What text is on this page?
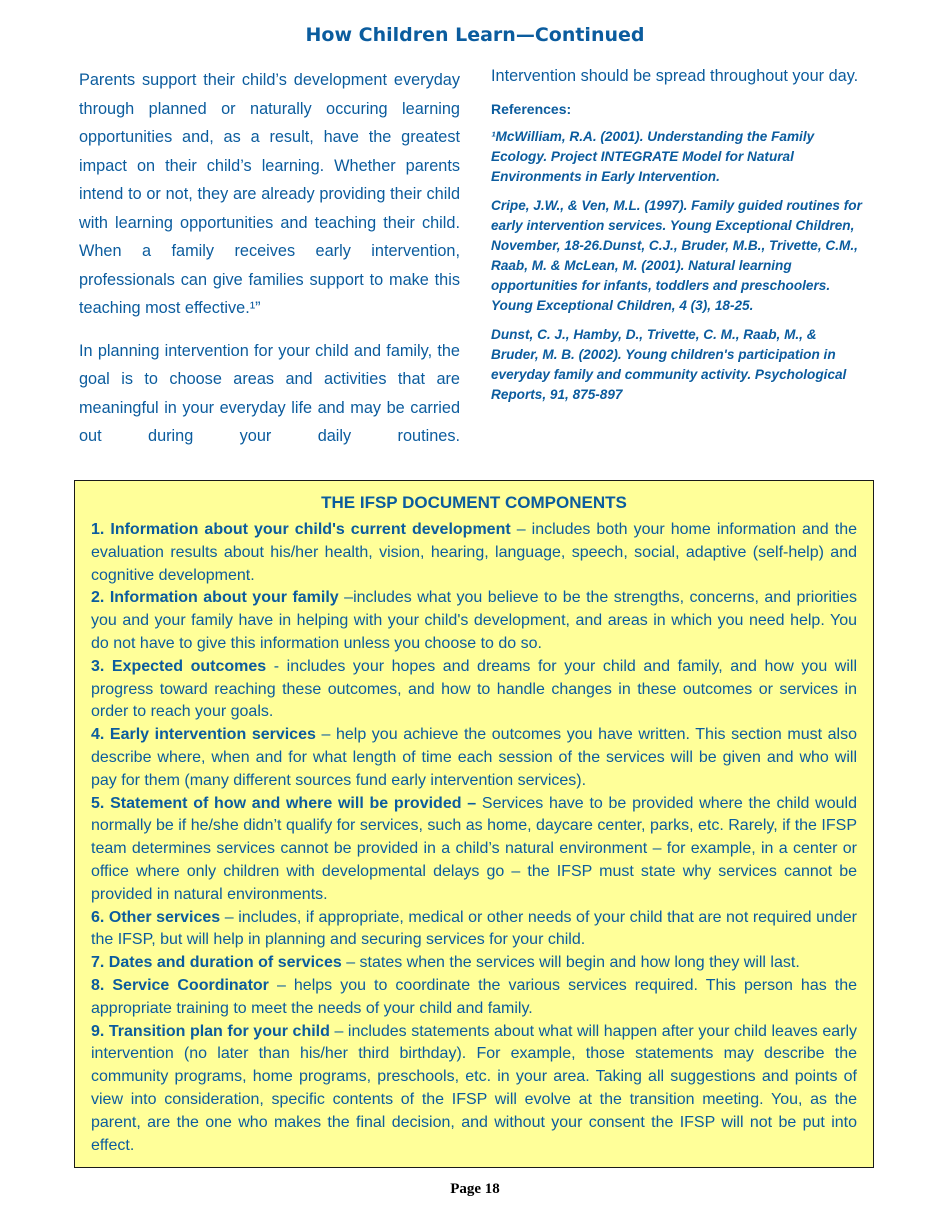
How Children Learn—Continued

Parents support their child’s development everyday through planned or naturally occuring learning opportunities and, as a result, have the greatest impact on their child’s learning. Whether parents intend to or not, they are already providing their child with learning opportunities and teaching their child. When a family receives early intervention, professionals can give families support to make this teaching most effective.¹”

In planning intervention for your child and family, the goal is to choose areas and activities that are meaningful in your everyday life and may be carried out during your daily routines.

Intervention should be spread throughout your day.

References:

¹McWilliam, R.A. (2001). Understanding the Family Ecology. Project INTEGRATE Model for Natural Environments in Early Intervention.

Cripe, J.W., & Ven, M.L. (1997). Family guided routines for early intervention services. Young Exceptional Children, November, 18-26.Dunst, C.J., Bruder, M.B., Trivette, C.M., Raab, M. & McLean, M. (2001). Natural learning opportunities for infants, toddlers and preschoolers. Young Exceptional Children, 4 (3), 18-25.

Dunst, C. J., Hamby, D., Trivette, C. M., Raab, M., & Bruder, M. B. (2002). Young children's participation in everyday family and community activity. Psychological Reports, 91, 875-897

THE IFSP DOCUMENT COMPONENTS

1. Information about your child's current development – includes both your home information and the evaluation results about his/her health, vision, hearing, language, speech, social, adaptive (self-help) and cognitive development.

2. Information about your family –includes what you believe to be the strengths, concerns, and priorities you and your family have in helping with your child's development, and areas in which you need help. You do not have to give this information unless you choose to do so.

3. Expected outcomes - includes your hopes and dreams for your child and family, and how you will progress toward reaching these outcomes, and how to handle changes in these outcomes or services in order to reach your goals.

4. Early intervention services – help you achieve the outcomes you have written. This section must also describe where, when and for what length of time each session of the services will be given and who will pay for them (many different sources fund early intervention services).

5. Statement of how and where will be provided – Services have to be provided where the child would normally be if he/she didn’t qualify for services, such as home, daycare center, parks, etc. Rarely, if the IFSP team determines services cannot be provided in a child’s natural environment – for example, in a center or office where only children with developmental delays go – the IFSP must state why services cannot be provided in natural environments.

6. Other services – includes, if appropriate, medical or other needs of your child that are not required under the IFSP, but will help in planning and securing services for your child.

7. Dates and duration of services – states when the services will begin and how long they will last.

8. Service Coordinator – helps you to coordinate the various services required. This person has the appropriate training to meet the needs of your child and family.

9. Transition plan for your child – includes statements about what will happen after your child leaves early intervention (no later than his/her third birthday). For example, those statements may describe the community programs, home programs, preschools, etc. in your area. Taking all suggestions and points of view into consideration, specific contents of the IFSP will evolve at the transition meeting. You, as the parent, are the one who makes the final decision, and without your consent the IFSP will not be put into effect.

Page 18
